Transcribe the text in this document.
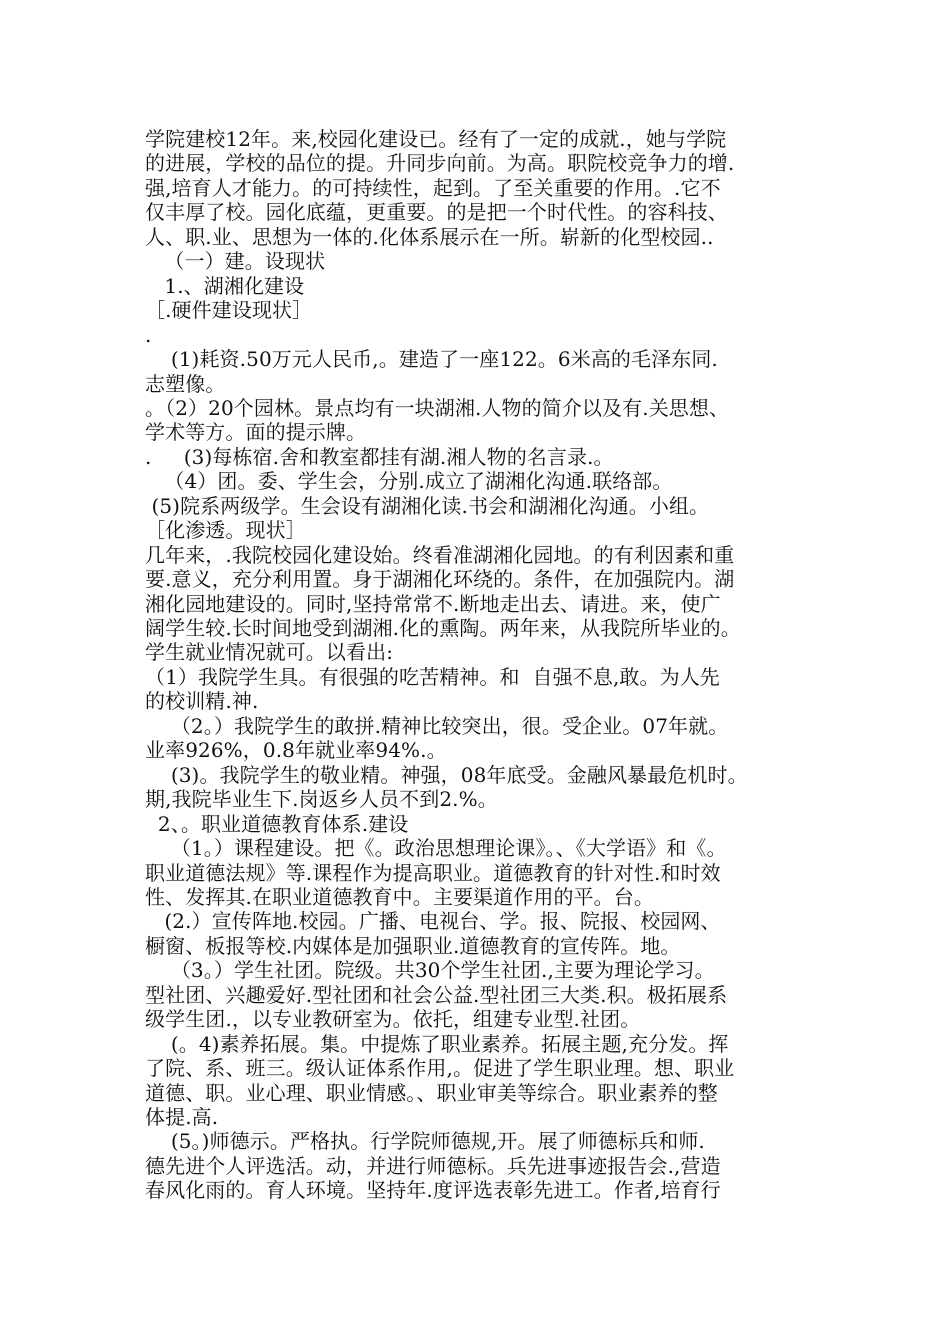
学院建校12年。来,校园化建设已。经有了一定的成就.，她与学院
的进展，学校的品位的提。升同步向前。为高。职院校竞争力的增.
强,培育人才能力。的可持续性，起到。了至关重要的作用。.它不
仅丰厚了校。园化底蕴，更重要。的是把一个时代性。的容科技、
人、职.业、思想为一体的.化体系展示在一所。崭新的化型校园..
（一）建。设现状
1.、湖湘化建设
［.硬件建设现状］
.
(1)耗资.50万元人民币,。建造了一座122。6米高的毛泽东同.
志塑像。
。（2）20个园林。景点均有一块湖湘.人物的简介以及有.关思想、
学术等方。面的提示牌。
.     (3)每栋宿.舍和教室都挂有湖.湘人物的名言录.。
（4）团。委、学生会，分别.成立了湖湘化沟通.联络部。
(5)院系两级学。生会设有湖湘化读.书会和湖湘化沟通。小组。
［化渗透。现状］
几年来，.我院校园化建设始。终看准湖湘化园地。的有利因素和重
要.意义，充分利用置。身于湖湘化环绕的。条件，在加强院内。湖
湘化园地建设的。同时,坚持常常不.断地走出去、请进。来，使广
阔学生较.长时间地受到湖湘.化的熏陶。两年来，从我院所毕业的。
学生就业情况就可。以看出:
（1）我院学生具。有很强的吃苦精神。和  自强不息,敢。为人先
的校训精.神.
（2。）我院学生的敢拼.精神比较突出，很。受企业。07年就。
业率926%，0.8年就业率94%.。
(3)。我院学生的敬业精。神强，08年底受。金融风暴最危机时。
期,我院毕业生下.岗返乡人员不到2.%。
2、。职业道德教育体系.建设
（1。）课程建设。把《。政治思想理论课》。、《大学语》和《。
职业道德法规》等.课程作为提高职业。道德教育的针对性.和时效
性、发挥其.在职业道德教育中。主要渠道作用的平。台。
(2.）宣传阵地.校园。广播、电视台、学。报、院报、校园网、
橱窗、板报等校.内媒体是加强职业.道德教育的宣传阵。地。
（3。）学生社团。院级。共30个学生社团.,主要为理论学习。
型社团、兴趣爱好.型社团和社会公益.型社团三大类.积。极拓展系
级学生团.，以专业教研室为。依托，组建专业型.社团。
(。4)素养拓展。集。中提炼了职业素养。拓展主题,充分发。挥
了院、系、班三。级认证体系作用,。促进了学生职业理。想、职业
道德、职。业心理、职业情感。、职业审美等综合。职业素养的整
体提.高.
(5。)师德示。严格执。行学院师德规,开。展了师德标兵和师.
德先进个人评选活。动，并进行师德标。兵先进事迹报告会.,营造
春风化雨的。育人环境。坚持年.度评选表彰先进工。作者,培育行
